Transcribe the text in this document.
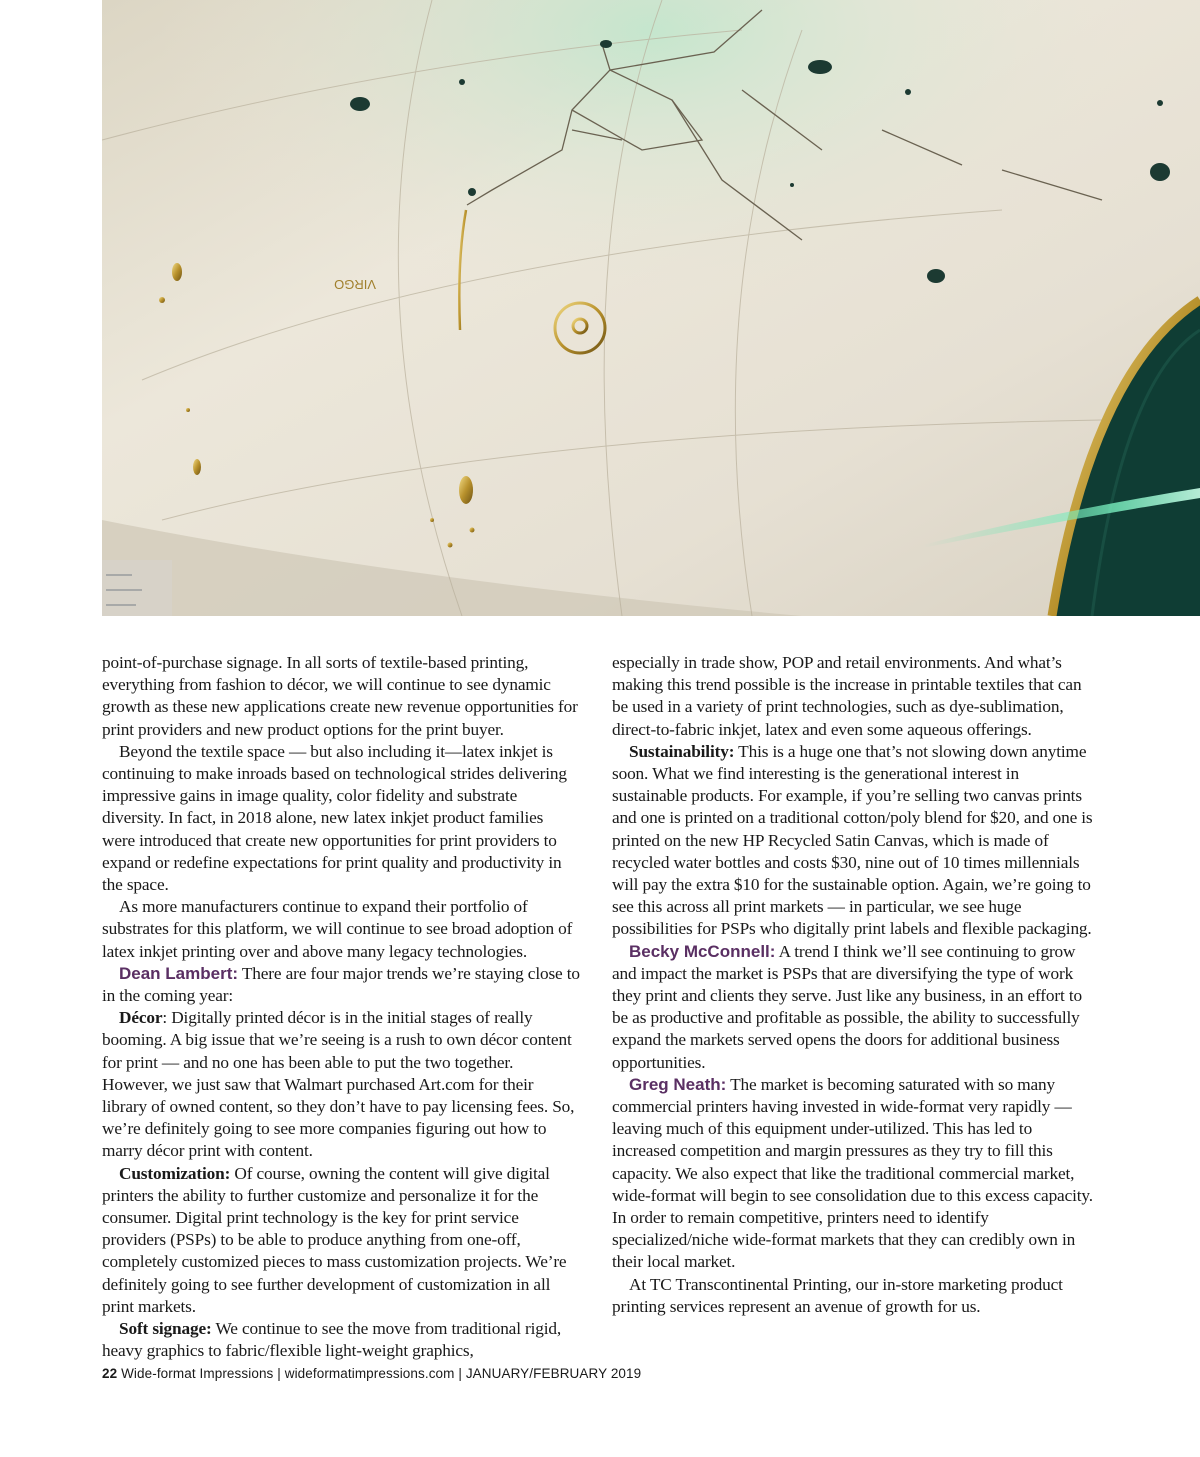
VIRGO

point-of-purchase signage. In all sorts of textile-based printing, everything from fashion to décor, we will continue to see dynamic growth as these new applications create new revenue opportunities for print providers and new product options for the print buyer.

Beyond the textile space — but also including it—latex inkjet is continuing to make inroads based on technological strides delivering impressive gains in image quality, color fidelity and substrate diversity. In fact, in 2018 alone, new latex inkjet product families were introduced that create new opportunities for print providers to expand or redefine expectations for print quality and productivity in the space.

As more manufacturers continue to expand their portfolio of substrates for this platform, we will continue to see broad adoption of latex inkjet printing over and above many legacy technologies.

Dean Lambert: There are four major trends we’re staying close to in the coming year:

Décor: Digitally printed décor is in the initial stages of really booming. A big issue that we’re seeing is a rush to own décor content for print — and no one has been able to put the two together. However, we just saw that Walmart purchased Art.com for their library of owned content, so they don’t have to pay licensing fees. So, we’re definitely going to see more companies figuring out how to marry décor print with content.

Customization: Of course, owning the content will give digital printers the ability to further customize and personalize it for the consumer. Digital print technology is the key for print service providers (PSPs) to be able to produce anything from one-off, completely customized pieces to mass customization projects. We’re definitely going to see further development of customization in all print markets.

Soft signage: We continue to see the move from traditional rigid, heavy graphics to fabric/flexible light-weight graphics,

especially in trade show, POP and retail environments. And what’s making this trend possible is the increase in printable textiles that can be used in a variety of print technologies, such as dye-sublimation, direct-to-fabric inkjet, latex and even some aqueous offerings.

Sustainability: This is a huge one that’s not slowing down anytime soon. What we find interesting is the generational interest in sustainable products. For example, if you’re selling two canvas prints and one is printed on a traditional cotton/poly blend for $20, and one is printed on the new HP Recycled Satin Canvas, which is made of recycled water bottles and costs $30, nine out of 10 times millennials will pay the extra $10 for the sustainable option. Again, we’re going to see this across all print markets — in particular, we see huge possibilities for PSPs who digitally print labels and flexible packaging.

Becky McConnell: A trend I think we’ll see continuing to grow and impact the market is PSPs that are diversifying the type of work they print and clients they serve. Just like any business, in an effort to be as productive and profitable as possible, the ability to successfully expand the markets served opens the doors for additional business opportunities.

Greg Neath: The market is becoming saturated with so many commercial printers having invested in wide-format very rapidly — leaving much of this equipment under-utilized. This has led to increased competition and margin pressures as they try to fill this capacity. We also expect that like the traditional commercial market, wide-format will begin to see consolidation due to this excess capacity. In order to remain competitive, printers need to identify specialized/niche wide-format markets that they can credibly own in their local market.

At TC Transcontinental Printing, our in-store marketing product printing services represent an avenue of growth for us.

22 Wide-format Impressions | wideformatimpressions.com | JANUARY/FEBRUARY 2019
